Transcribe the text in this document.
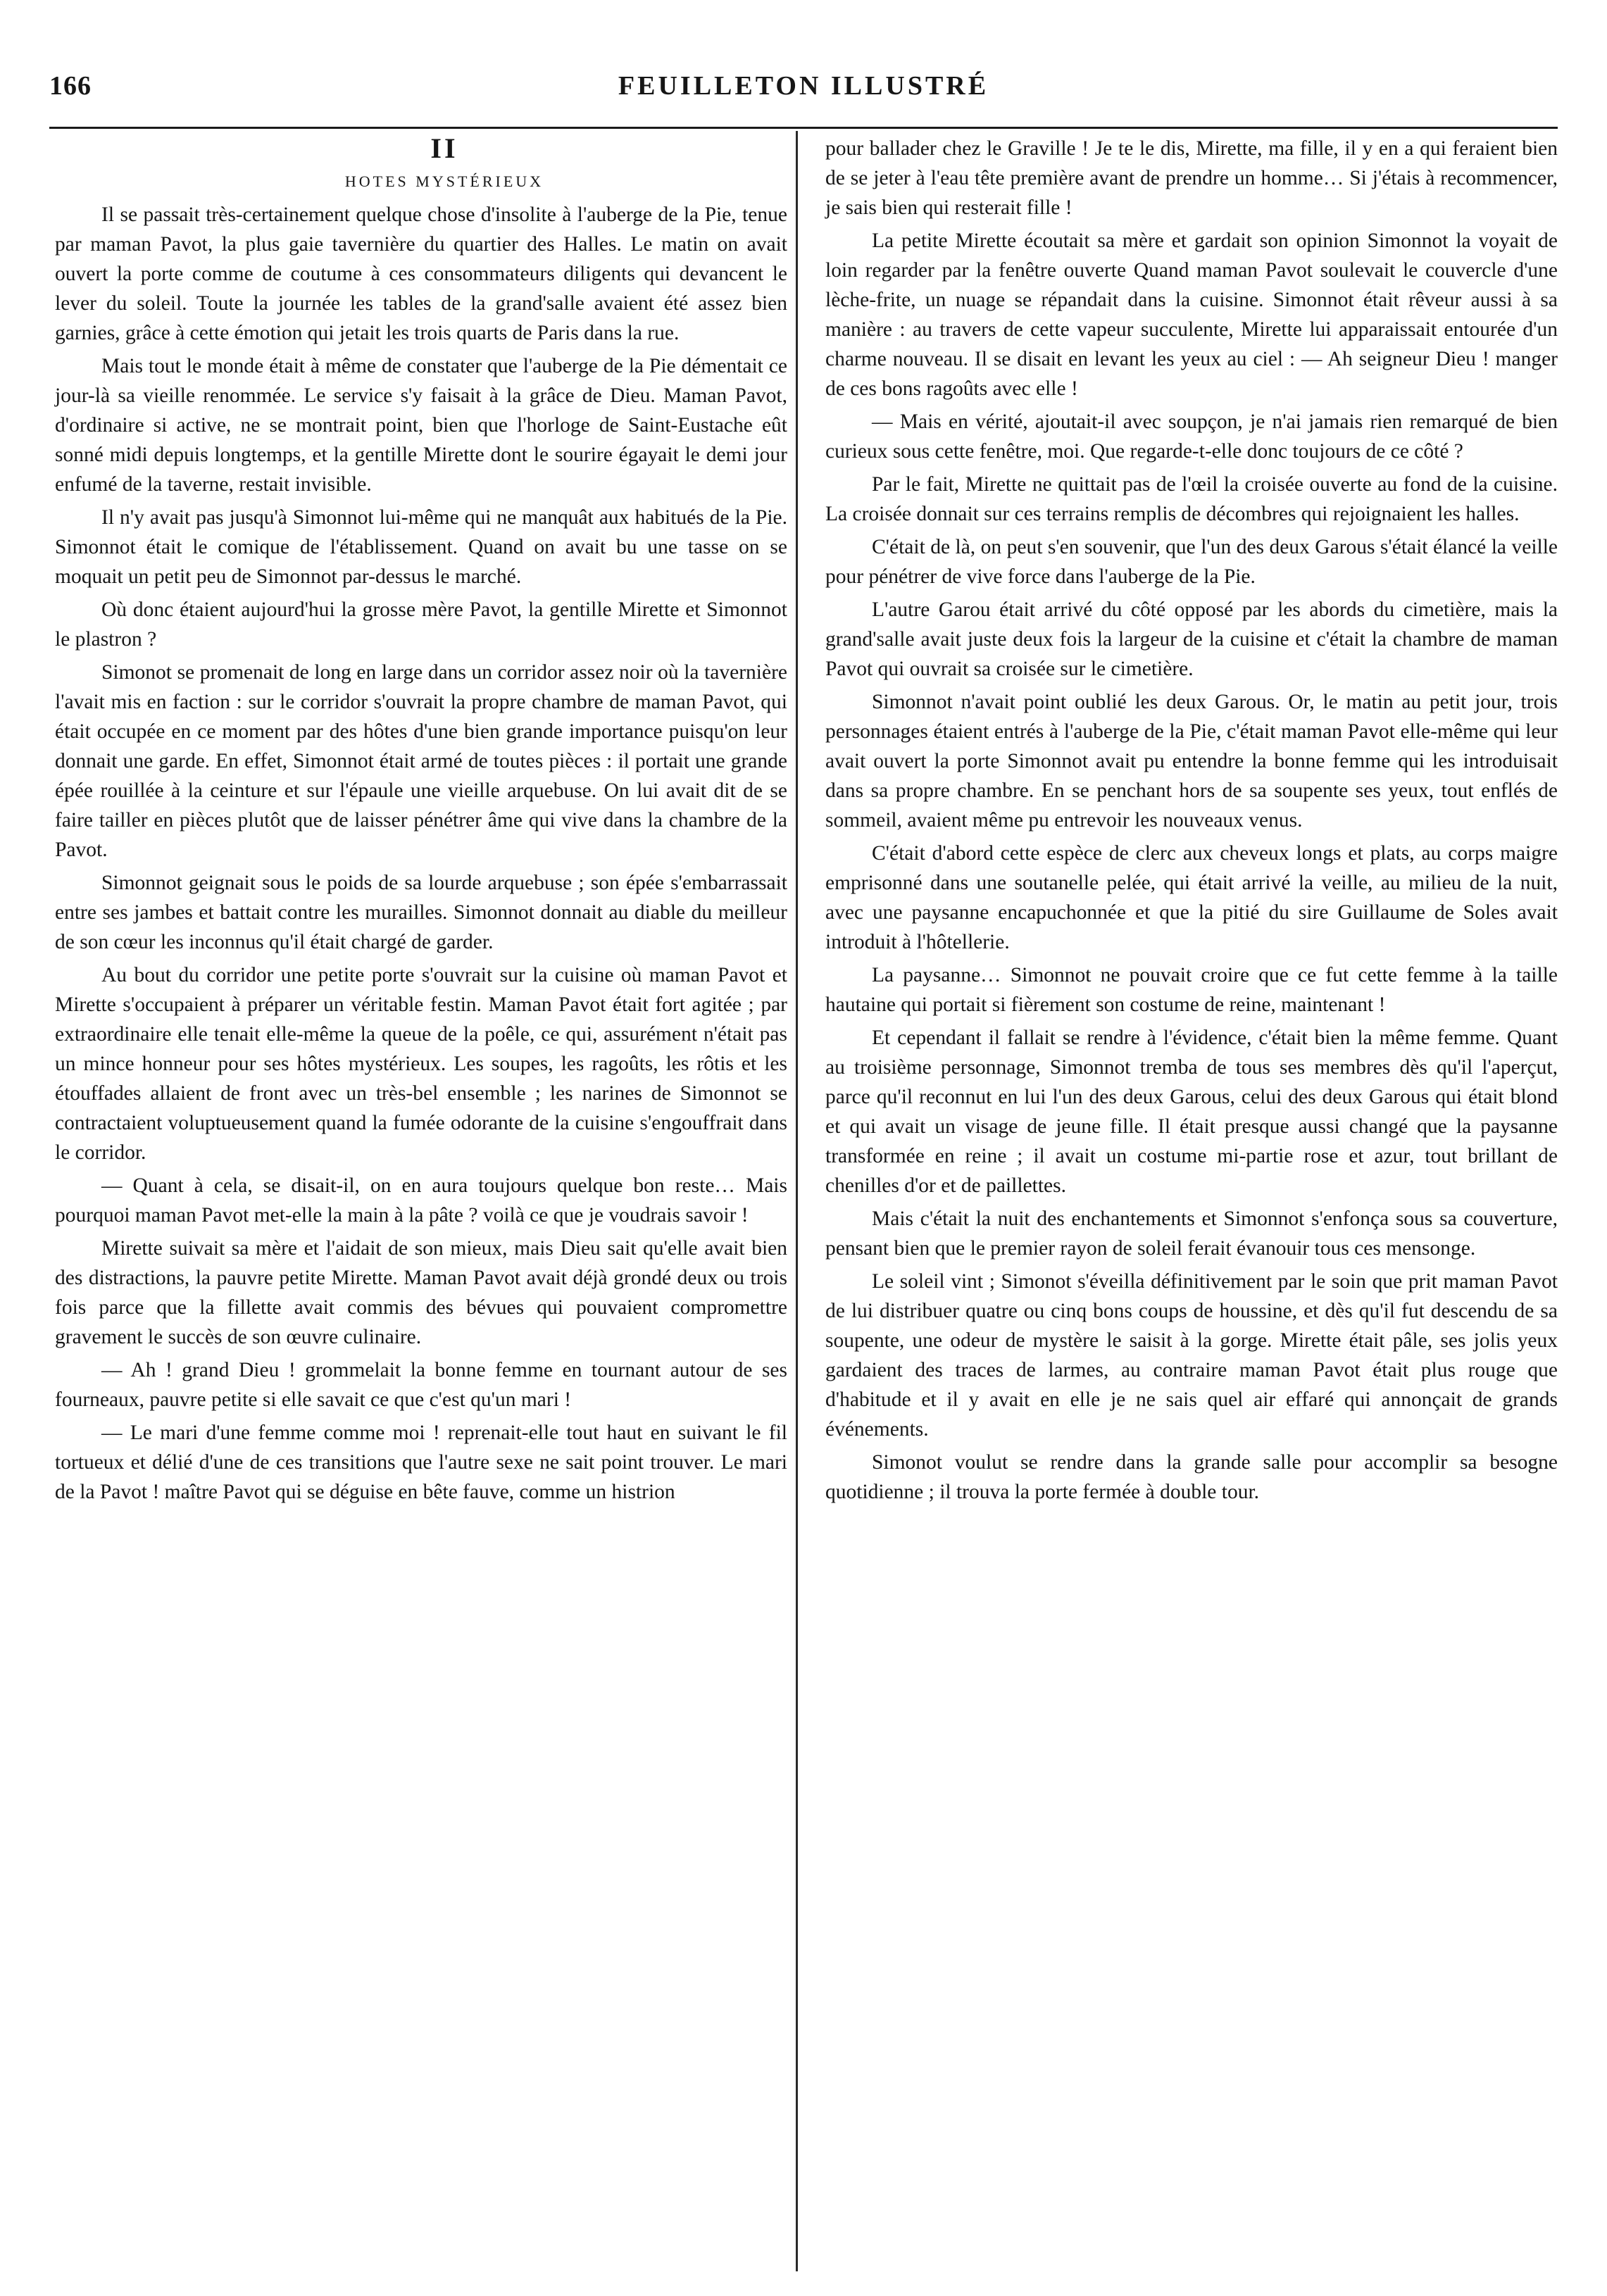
166	FEUILLETON ILLUSTRÉ

II

HOTES MYSTÉRIEUX

Il se passait très-certainement quelque chose d'insolite à l'auberge de la Pie, tenue par maman Pavot, la plus gaie tavernière du quartier des Halles. Le matin on avait ouvert la porte comme de coutume à ces consommateurs diligents qui devancent le lever du soleil. Toute la journée les tables de la grand'salle avaient été assez bien garnies, grâce à cette émotion qui jetait les trois quarts de Paris dans la rue.

Mais tout le monde était à même de constater que l'auberge de la Pie démentait ce jour-là sa vieille renommée. Le service s'y faisait à la grâce de Dieu. Maman Pavot, d'ordinaire si active, ne se montrait point, bien que l'horloge de Saint-Eustache eût sonné midi depuis longtemps, et la gentille Mirette dont le sourire égayait le demi jour enfumé de la taverne, restait invisible.

Il n'y avait pas jusqu'à Simonnot lui-même qui ne manquât aux habitués de la Pie. Simonnot était le comique de l'établissement. Quand on avait bu une tasse on se moquait un petit peu de Simonnot par-dessus le marché.

Où donc étaient aujourd'hui la grosse mère Pavot, la gentille Mirette et Simonnot le plastron ?

Simonot se promenait de long en large dans un corridor assez noir où la tavernière l'avait mis en faction : sur le corridor s'ouvrait la propre chambre de maman Pavot, qui était occupée en ce moment par des hôtes d'une bien grande importance puisqu'on leur donnait une garde. En effet, Simonnot était armé de toutes pièces : il portait une grande épée rouillée à la ceinture et sur l'épaule une vieille arquebuse. On lui avait dit de se faire tailler en pièces plutôt que de laisser pénétrer âme qui vive dans la chambre de la Pavot.

Simonnot geignait sous le poids de sa lourde arquebuse ; son épée s'embarrassait entre ses jambes et battait contre les murailles. Simonnot donnait au diable du meilleur de son cœur les inconnus qu'il était chargé de garder.

Au bout du corridor une petite porte s'ouvrait sur la cuisine où maman Pavot et Mirette s'occupaient à préparer un véritable festin. Maman Pavot était fort agitée ; par extraordinaire elle tenait elle-même la queue de la poêle, ce qui, assurément n'était pas un mince honneur pour ses hôtes mystérieux. Les soupes, les ragoûts, les rôtis et les étouffades allaient de front avec un très-bel ensemble ; les narines de Simonnot se contractaient voluptueusement quand la fumée odorante de la cuisine s'engouffrait dans le corridor.

— Quant à cela, se disait-il, on en aura toujours quelque bon reste… Mais pourquoi maman Pavot met-elle la main à la pâte ? voilà ce que je voudrais savoir !

Mirette suivait sa mère et l'aidait de son mieux, mais Dieu sait qu'elle avait bien des distractions, la pauvre petite Mirette. Maman Pavot avait déjà grondé deux ou trois fois parce que la fillette avait commis des bévues qui pouvaient compromettre gravement le succès de son œuvre culinaire.

— Ah ! grand Dieu ! grommelait la bonne femme en tournant autour de ses fourneaux, pauvre petite si elle savait ce que c'est qu'un mari !

— Le mari d'une femme comme moi ! reprenait-elle tout haut en suivant le fil tortueux et délié d'une de ces transitions que l'autre sexe ne sait point trouver. Le mari de la Pavot ! maître Pavot qui se déguise en bête fauve, comme un histrion

pour ballader chez le Graville ! Je te le dis, Mirette, ma fille, il y en a qui feraient bien de se jeter à l'eau tête première avant de prendre un homme… Si j'étais à recommencer, je sais bien qui resterait fille !

La petite Mirette écoutait sa mère et gardait son opinion Simonnot la voyait de loin regarder par la fenêtre ouverte Quand maman Pavot soulevait le couvercle d'une lèche-frite, un nuage se répandait dans la cuisine. Simonnot était rêveur aussi à sa manière : au travers de cette vapeur succulente, Mirette lui apparaissait entourée d'un charme nouveau. Il se disait en levant les yeux au ciel : — Ah seigneur Dieu ! manger de ces bons ragoûts avec elle !

— Mais en vérité, ajoutait-il avec soupçon, je n'ai jamais rien remarqué de bien curieux sous cette fenêtre, moi. Que regarde-t-elle donc toujours de ce côté ?

Par le fait, Mirette ne quittait pas de l'œil la croisée ouverte au fond de la cuisine. La croisée donnait sur ces terrains remplis de décombres qui rejoignaient les halles.

C'était de là, on peut s'en souvenir, que l'un des deux Garous s'était élancé la veille pour pénétrer de vive force dans l'auberge de la Pie.

L'autre Garou était arrivé du côté opposé par les abords du cimetière, mais la grand'salle avait juste deux fois la largeur de la cuisine et c'était la chambre de maman Pavot qui ouvrait sa croisée sur le cimetière.

Simonnot n'avait point oublié les deux Garous. Or, le matin au petit jour, trois personnages étaient entrés à l'auberge de la Pie, c'était maman Pavot elle-même qui leur avait ouvert la porte Simonnot avait pu entendre la bonne femme qui les introduisait dans sa propre chambre. En se penchant hors de sa soupente ses yeux, tout enflés de sommeil, avaient même pu entrevoir les nouveaux venus.

C'était d'abord cette espèce de clerc aux cheveux longs et plats, au corps maigre emprisonné dans une soutanelle pelée, qui était arrivé la veille, au milieu de la nuit, avec une paysanne encapuchonnée et que la pitié du sire Guillaume de Soles avait introduit à l'hôtellerie.

La paysanne… Simonnot ne pouvait croire que ce fut cette femme à la taille hautaine qui portait si fièrement son costume de reine, maintenant !

Et cependant il fallait se rendre à l'évidence, c'était bien la même femme. Quant au troisième personnage, Simonnot tremba de tous ses membres dès qu'il l'aperçut, parce qu'il reconnut en lui l'un des deux Garous, celui des deux Garous qui était blond et qui avait un visage de jeune fille. Il était presque aussi changé que la paysanne transformée en reine ; il avait un costume mi-partie rose et azur, tout brillant de chenilles d'or et de paillettes.

Mais c'était la nuit des enchantements et Simonnot s'enfonça sous sa couverture, pensant bien que le premier rayon de soleil ferait évanouir tous ces mensonge.

Le soleil vint ; Simonot s'éveilla définitivement par le soin que prit maman Pavot de lui distribuer quatre ou cinq bons coups de houssine, et dès qu'il fut descendu de sa soupente, une odeur de mystère le saisit à la gorge. Mirette était pâle, ses jolis yeux gardaient des traces de larmes, au contraire maman Pavot était plus rouge que d'habitude et il y avait en elle je ne sais quel air effaré qui annonçait de grands événements.

Simonot voulut se rendre dans la grande salle pour accomplir sa besogne quotidienne ; il trouva la porte fermée à double tour.
